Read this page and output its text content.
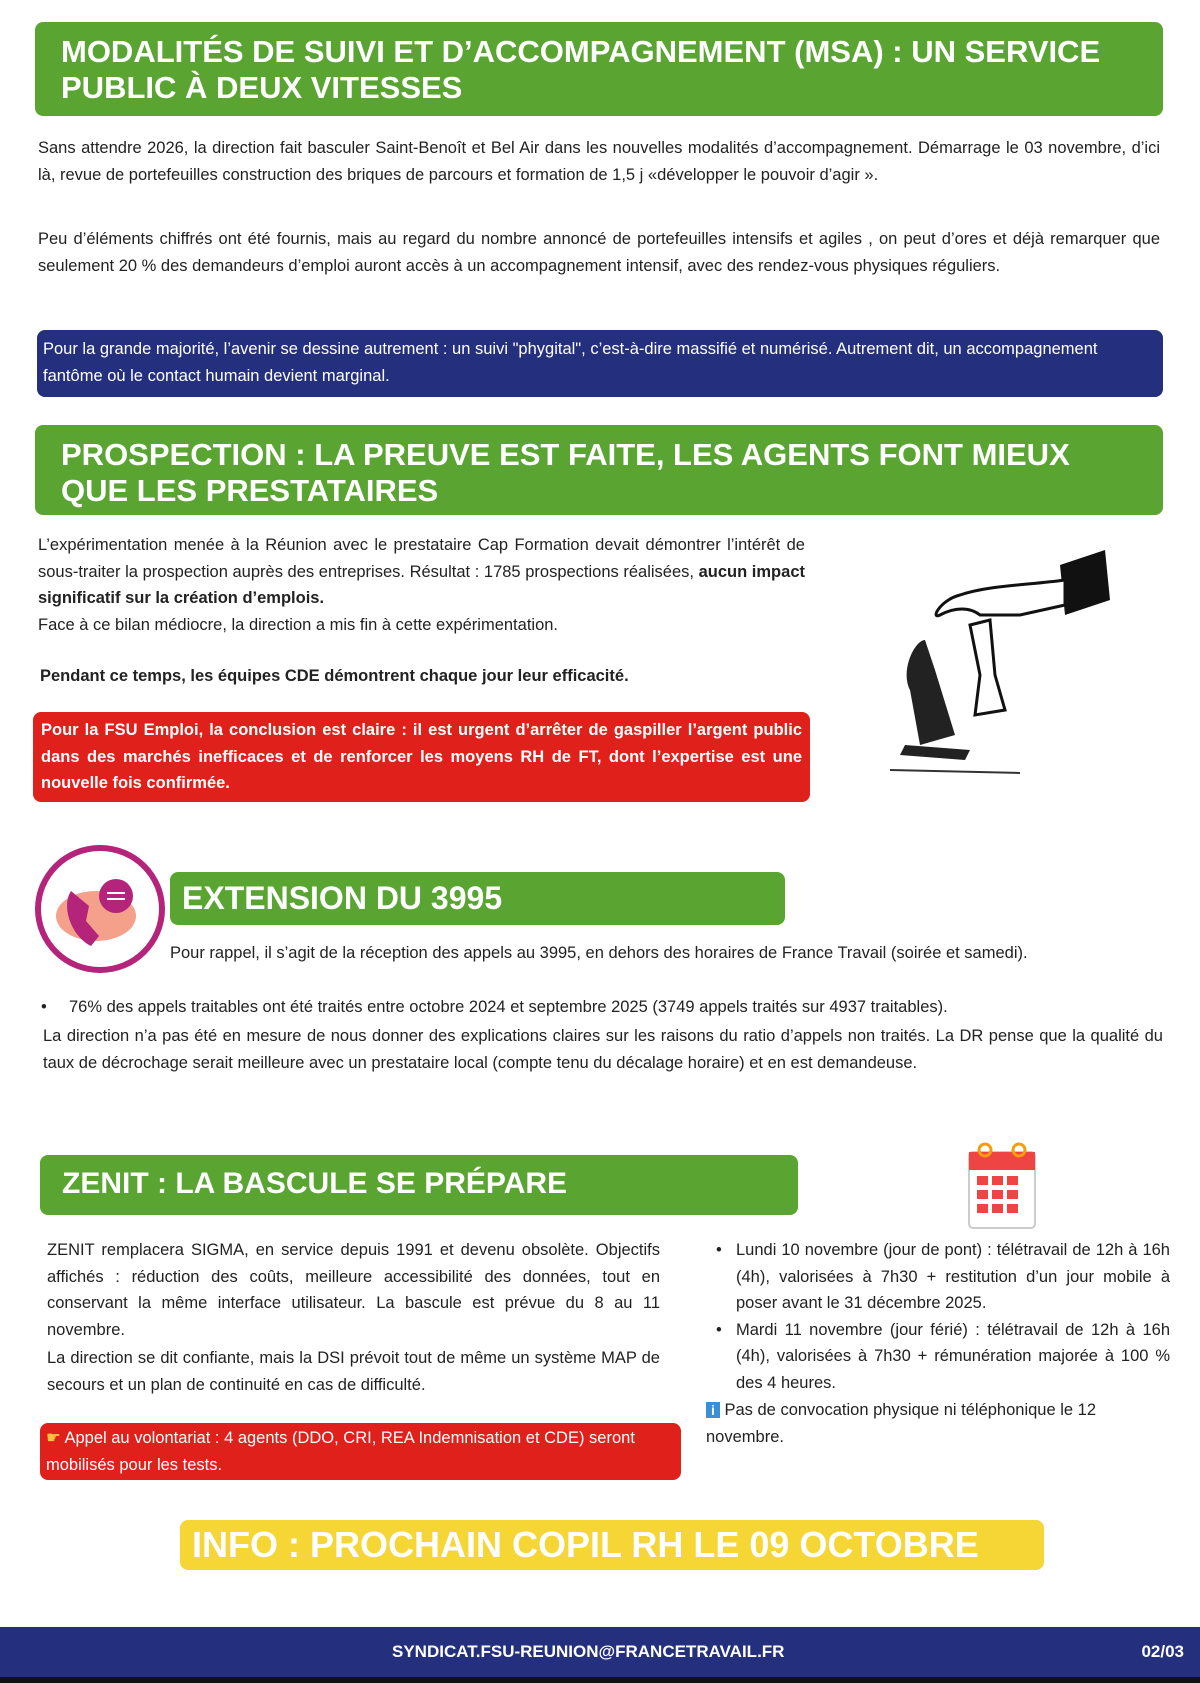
MODALITÉS DE SUIVI ET D’ACCOMPAGNEMENT (MSA) : UN SERVICE PUBLIC À DEUX VITESSES

Sans attendre 2026, la direction fait basculer Saint-Benoît et Bel Air dans les nouvelles modalités d’accompagnement. Démarrage le 03 novembre, d’ici là, revue de portefeuilles construction des briques de parcours et formation de 1,5 j «développer le pouvoir d’agir ».

Peu d’éléments chiffrés ont été fournis, mais au regard du nombre annoncé de portefeuilles intensifs et agiles , on peut d’ores et déjà remarquer que seulement 20 % des demandeurs d’emploi auront accès à un accompagnement intensif, avec des rendez-vous physiques réguliers.

Pour la grande majorité, l’avenir se dessine autrement : un suivi "phygital", c’est-à-dire massifié et numérisé. Autrement dit, un accompagnement fantôme où le contact humain devient marginal.
PROSPECTION : LA PREUVE EST FAITE, LES AGENTS FONT MIEUX QUE LES PRESTATAIRES

L’expérimentation menée à la Réunion avec le prestataire Cap Formation devait démontrer l’intérêt de sous-traiter la prospection auprès des entreprises. Résultat : 1785 prospections réalisées, aucun impact significatif sur la création d’emplois.
Face à ce bilan médiocre, la direction a mis fin à cette expérimentation.

Pendant ce temps, les équipes CDE démontrent chaque jour leur efficacité.

Pour la FSU Emploi, la conclusion est claire : il est urgent d’arrêter de gaspiller l’argent public dans des marchés inefficaces et de renforcer les moyens RH de FT, dont l’expertise est une nouvelle fois confirmée.
EXTENSION DU 3995

Pour rappel, il s’agit de la réception des appels au 3995, en dehors des horaires de France Travail (soirée et samedi).

• 76% des appels traitables ont été traités entre octobre 2024 et septembre 2025 (3749 appels traités sur 4937 traitables).

La direction n’a pas été en mesure de nous donner des explications claires sur les raisons du ratio d’appels non traités. La DR pense que la qualité du taux de décrochage serait meilleure avec un prestataire local (compte tenu du décalage horaire) et en est demandeuse.

ZENIT : LA BASCULE SE PRÉPARE

ZENIT remplacera SIGMA, en service depuis 1991 et devenu obsolète. Objectifs affichés : réduction des coûts, meilleure accessibilité des données, tout en conservant la même interface utilisateur. La bascule est prévue du 8 au 11 novembre.

La direction se dit confiante, mais la DSI prévoit tout de même un système MAP de secours et un plan de continuité en cas de difficulté.

☛ Appel au volontariat : 4 agents (DDO, CRI, REA Indemnisation et CDE) seront mobilisés pour les tests.
• Lundi 10 novembre (jour de pont) : télétravail de 12h à 16h (4h), valorisées à 7h30 + restitution d’un jour mobile à poser avant le 31 décembre 2025.
• Mardi 11 novembre (jour férié) : télétravail de 12h à 16h (4h), valorisées à 7h30 + rémunération majorée à 100 % des 4 heures.

i Pas de convocation physique ni téléphonique le 12 novembre.

INFO : PROCHAIN COPIL RH LE 09 OCTOBRE
SYNDICAT.FSU-REUNION@FRANCETRAVAIL.FR	02/03
